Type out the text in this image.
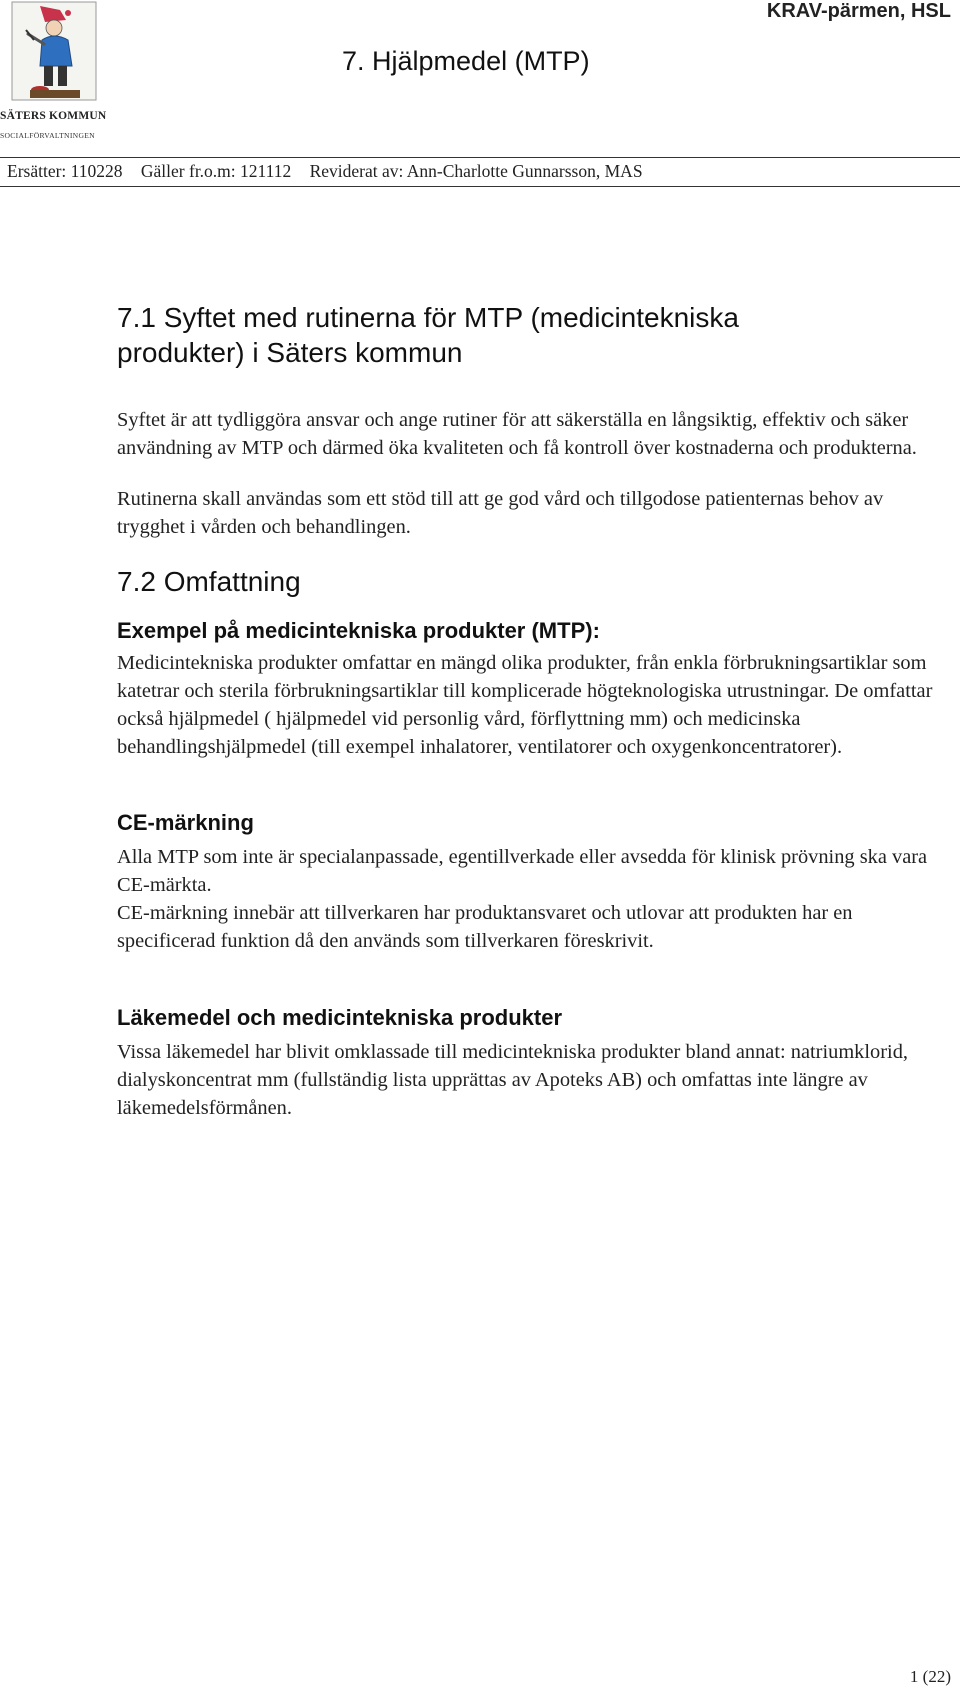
SÄTERS KOMMUN
SOCIALFÖRVALTNINGEN
KRAV-pärmen, HSL
7. Hjälpmedel (MTP)
Ersätter: 110228 Gäller fr.o.m: 121112 Reviderat av: Ann-Charlotte Gunnarsson, MAS
7.1 Syftet med rutinerna för MTP (medicintekniska
produkter) i Säters kommun

Syftet är att tydliggöra ansvar och ange rutiner för att säkerställa en långsiktig, effektiv och säker användning av MTP och därmed öka kvaliteten och få kontroll över kostnaderna och produkterna.

Rutinerna skall användas som ett stöd till att ge god vård och tillgodose patienternas behov av trygghet i vården och behandlingen.

7.2 Omfattning
Exempel på medicintekniska produkter (MTP):

Medicintekniska produkter omfattar en mängd olika produkter, från enkla förbrukningsartiklar som katetrar och sterila förbrukningsartiklar till komplicerade högteknologiska utrustningar. De omfattar också hjälpmedel ( hjälpmedel vid personlig vård, förflyttning mm) och medicinska behandlingshjälpmedel (till exempel inhalatorer, ventilatorer och oxygenkoncentratorer).

CE-märkning

Alla MTP som inte är specialanpassade, egentillverkade eller avsedda för klinisk prövning ska vara CE-märkta.

CE-märkning innebär att tillverkaren har produktansvaret och utlovar att produkten har en specificerad funktion då den används som tillverkaren föreskrivit.

Läkemedel och medicintekniska produkter

Vissa läkemedel har blivit omklassade till medicintekniska produkter bland annat: natriumklorid, dialyskoncentrat mm (fullständig lista upprättas av Apoteks AB) och omfattas inte längre av läkemedelsförmånen.

1 (22)
